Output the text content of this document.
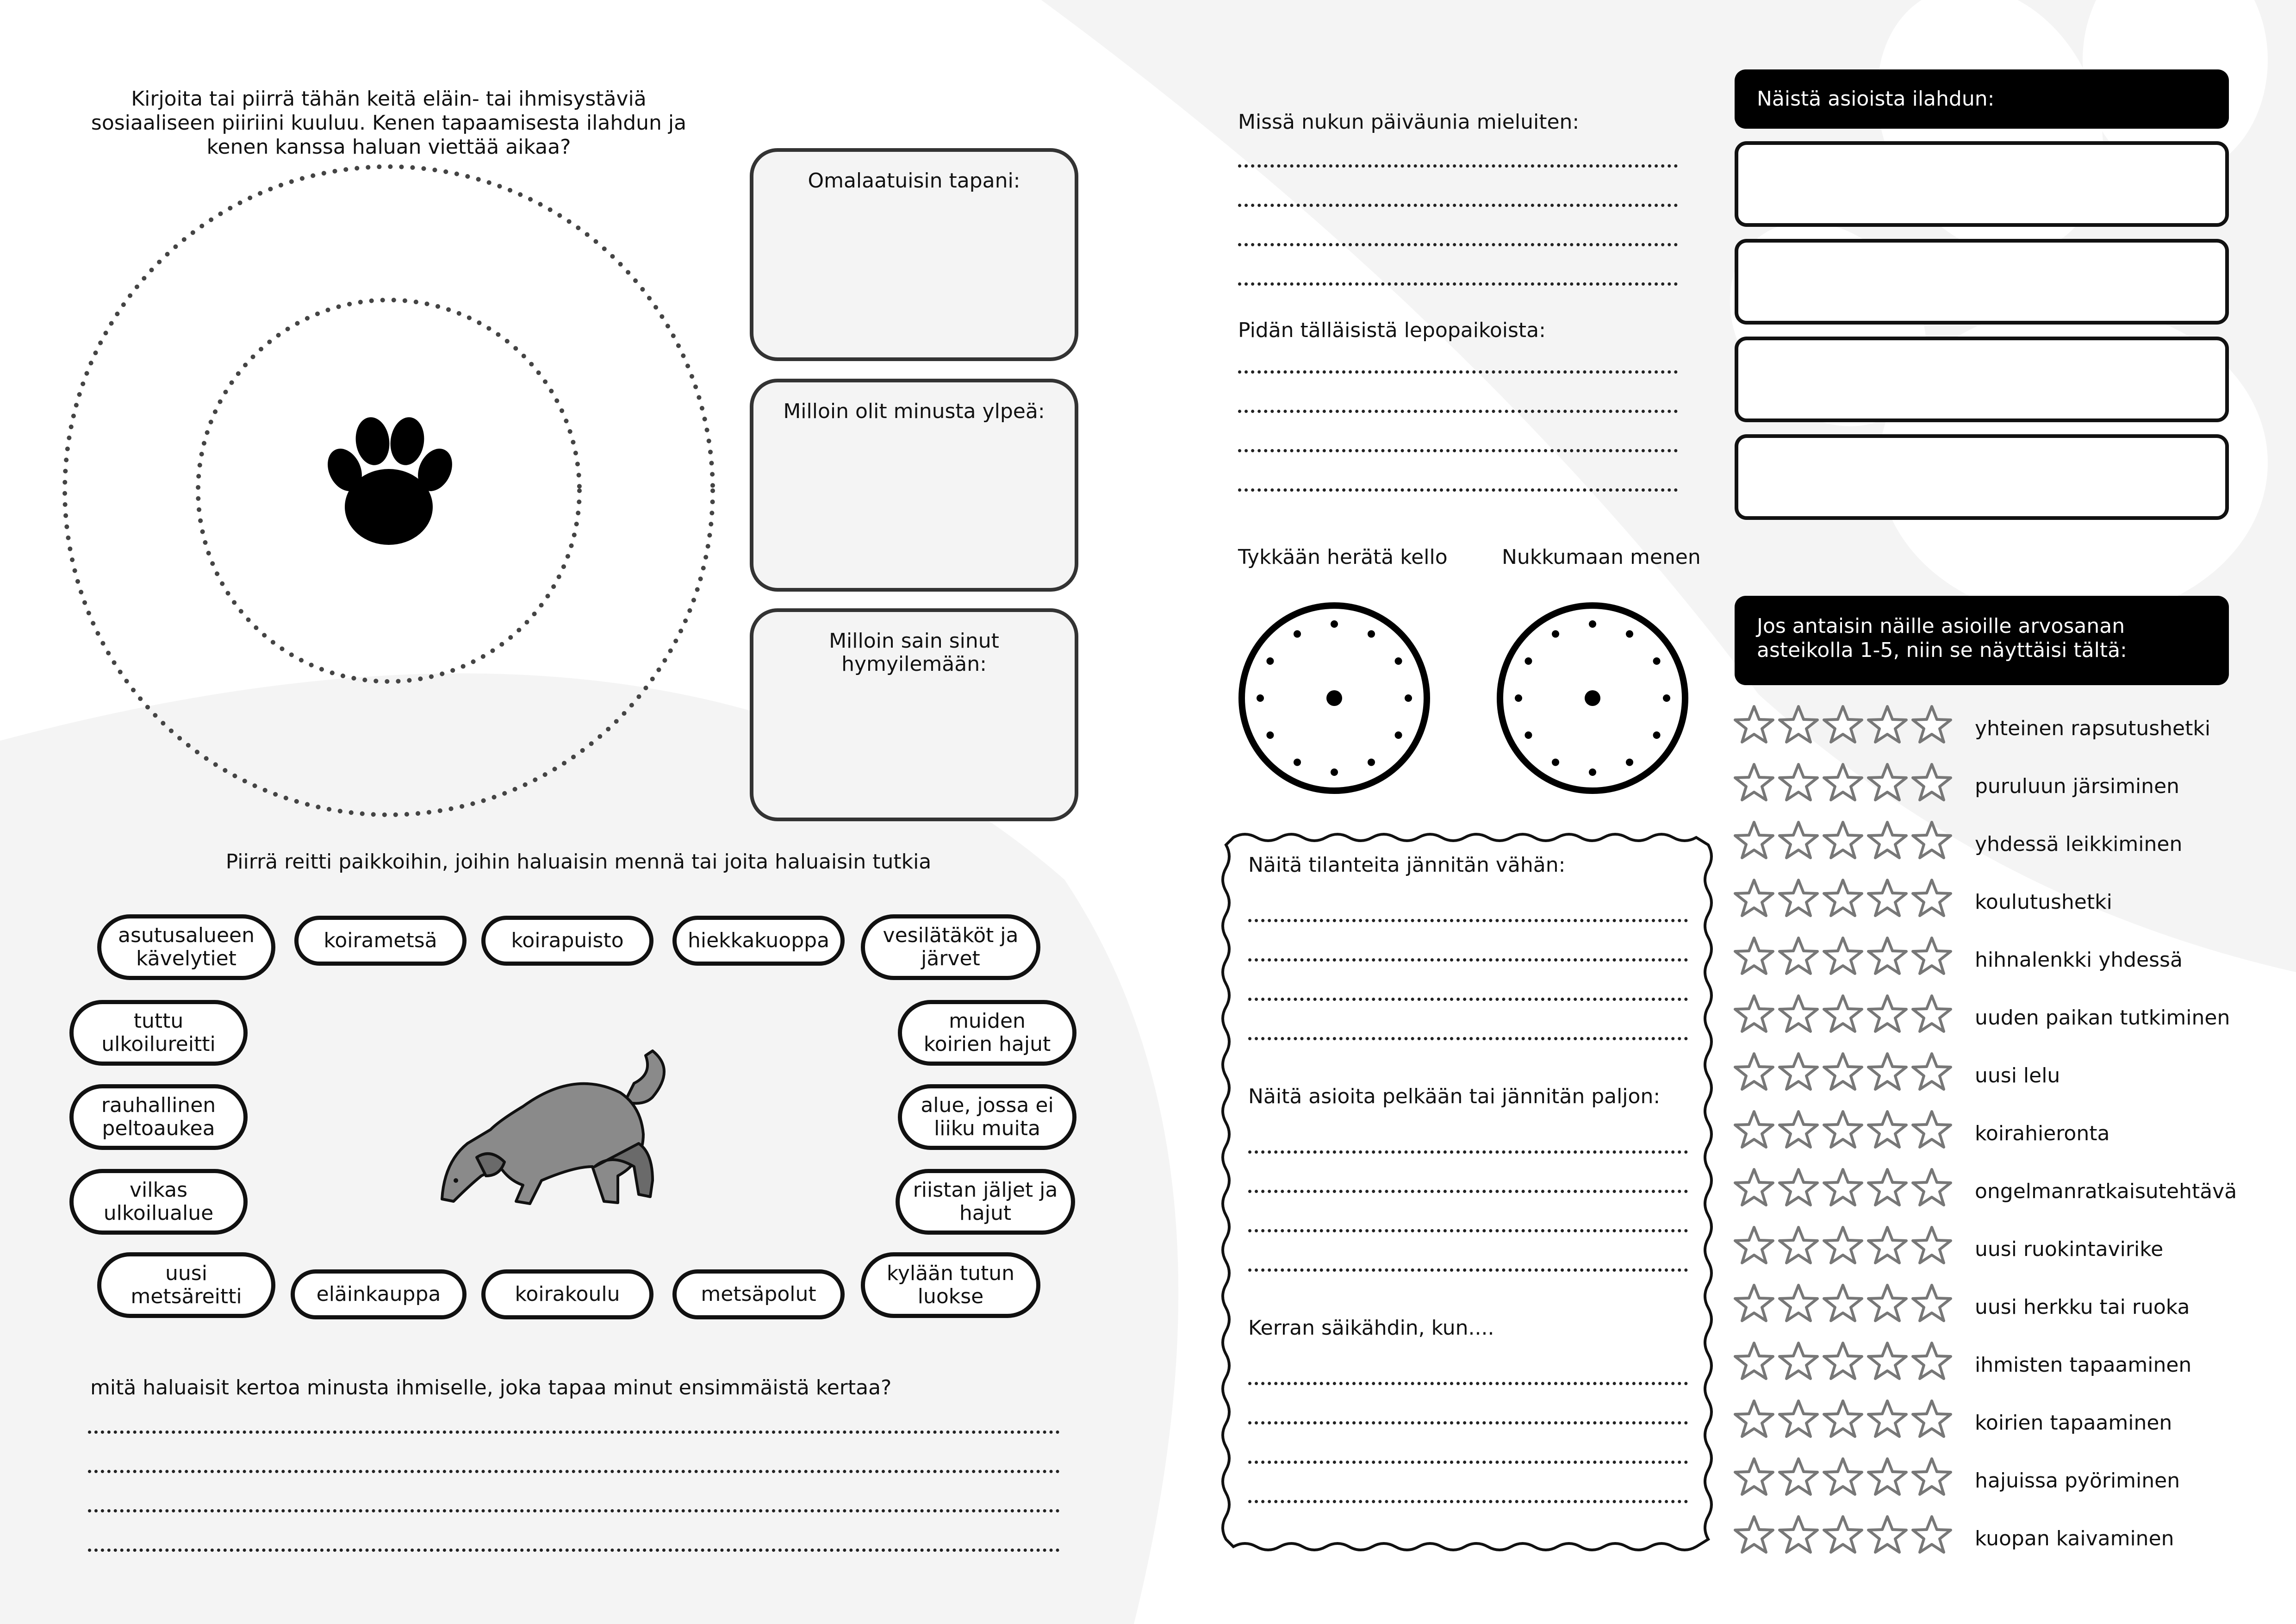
Kirjoita tai piirrä tähän keitä eläin- tai ihmisystäviä sosiaaliseen piiriini kuuluu. Kenen tapaamisesta ilahdun ja kenen kanssa haluan viettää aikaa?
Omalaatuisin tapani:
Milloin olit minusta ylpeä:
Milloin sain sinut hymyilemään:
Piirrä reitti paikkoihin, joihin haluaisin mennä tai joita haluaisin tutkia
asutusalueen kävelytiet
koirametsä	koirapuisto	hiekkakuoppa	vesilätäköt ja järvet
tuttu ulkoilureitti
muiden koirien hajut
rauhallinen peltoaukea
alue, jossa ei liiku muita
vilkas ulkoilualue
riistan jäljet ja hajut
uusi metsäreitti	eläinkauppa	koirakoulu	metsäpolut
kylään tutun luokse
mitä haluaisit kertoa minusta ihmiselle, joka tapaa minut ensimmäistä kertaa?
Missä nukun päiväunia mieluiten:
Pidän tälläisistä lepopaikoista:
Tykkään herätä kello	Nukkumaan menen
Näitä tilanteita jännitän vähän:
Näitä asioita pelkään tai jännitän paljon:
Kerran säikähdin, kun....
Näistä asioista ilahdun:
Jos antaisin näille asioille arvosanan asteikolla 1-5, niin se näyttäisi tältä:
yhteinen rapsutushetki
puruluun järsiminen
yhdessä leikkiminen
koulutushetki
hihnalenkki yhdessä
uuden paikan tutkiminen
uusi lelu
koirahieronta
ongelmanratkaisutehtävä
uusi ruokintavirike
uusi herkku tai ruoka
ihmisten tapaaminen
koirien tapaaminen
hajuissa pyöriminen
kuopan kaivaminen
